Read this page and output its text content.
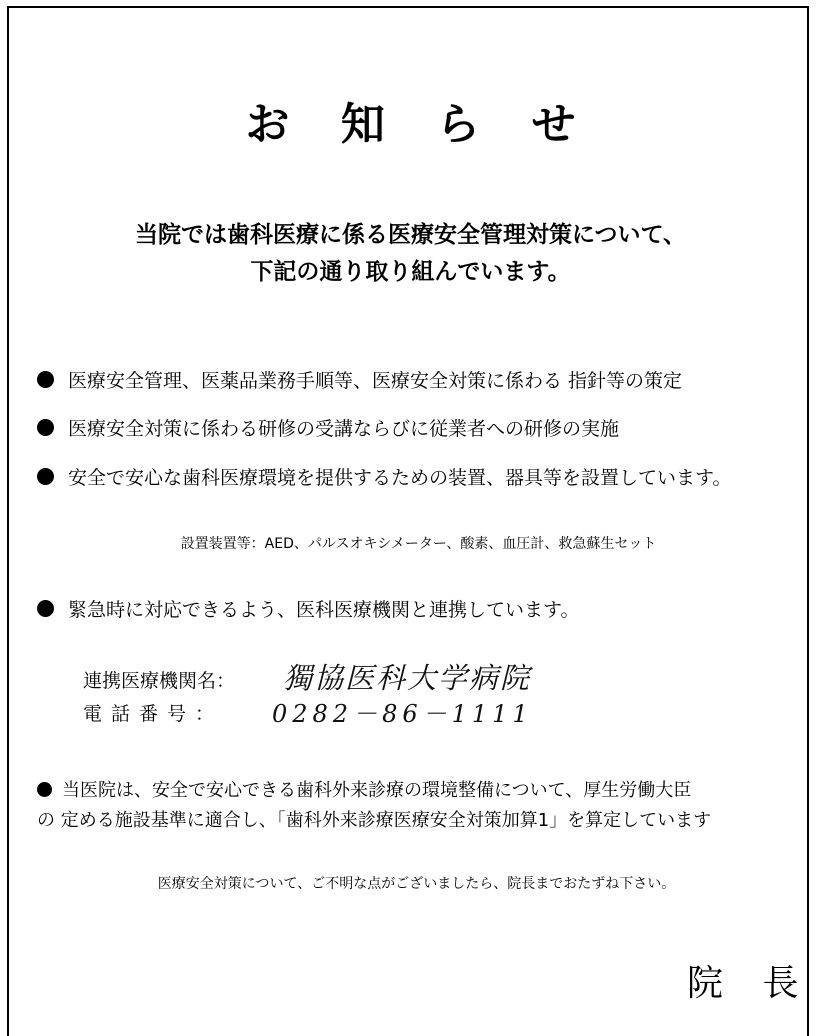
お 知 ら せ
当院では歯科医療に係る医療安全管理対策について、
下記の通り取り組んでいます。
医療安全管理、医薬品業務手順等、医療安全対策に係わる 指針等の策定
医療安全対策に係わる研修の受講ならびに従業者への研修の実施
安全で安心な歯科医療環境を提供するための装置、器具等を設置しています。
設置装置等：AED、パルスオキシメーター、酸素、血圧計、救急蘇生セット
緊急時に対応できるよう、医科医療機関と連携しています。
連携医療機関名： 獨協医科大学病院
電話番号： 0282－86－1111
当医院は、安全で安心できる歯科外来診療の環境整備について、厚生労働大臣
の 定める施設基準に適合し、「歯科外来診療医療安全対策加算1」を算定しています
医療安全対策について、ご不明な点がございましたら、院長までおたずね下さい。
院 長
